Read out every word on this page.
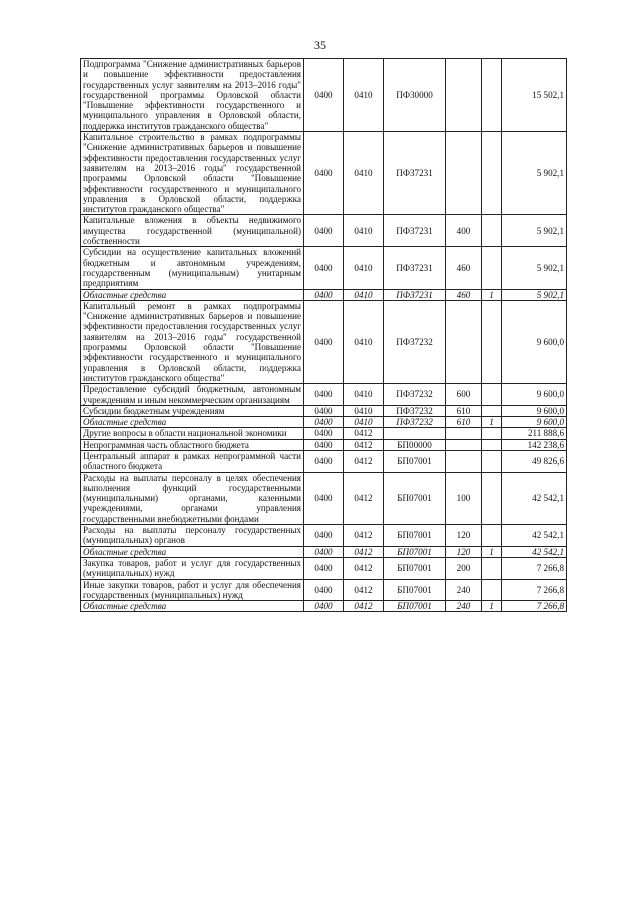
35
Подпрограмма "Снижение административных барьеров и повышение эффективности предоставления государственных услуг заявителям на 2013–2016 годы" государственной программы Орловской области "Повышение эффективности государственного и муниципального управления в Орловской области, поддержка институтов гражданского общества"	0400	0410	ПФ30000			15 502,1
Капитальное строительство в рамках подпрограммы "Снижение административных барьеров и повышение эффективности предоставления государственных услуг заявителям на 2013–2016 годы" государственной программы Орловской области "Повышение эффективности государственного и муниципального управления в Орловской области, поддержка институтов гражданского общества"	0400	0410	ПФ37231			5 902,1
Капитальные вложения в объекты недвижимого имущества государственной (муниципальной) собственности	0400	0410	ПФ37231	400		5 902,1
Субсидии на осуществление капитальных вложений бюджетным и автономным учреждениям, государственным (муниципальным) унитарным предприятиям	0400	0410	ПФ37231	460		5 902,1
Областные средства	0400	0410	ПФ37231	460	1	5 902,1
Капитальный ремонт в рамках подпрограммы "Снижение административных барьеров и повышение эффективности предоставления государственных услуг заявителям на 2013–2016 годы" государственной программы Орловской области "Повышение эффективности государственного и муниципального управления в Орловской области, поддержка институтов гражданского общества"	0400	0410	ПФ37232			9 600,0
Предоставление субсидий бюджетным, автономным учреждениям и иным некоммерческим организациям	0400	0410	ПФ37232	600		9 600,0
Субсидии бюджетным учреждениям	0400	0410	ПФ37232	610		9 600,0
Областные средства	0400	0410	ПФ37232	610	1	9 600,0
Другие вопросы в области национальной экономики	0400	0412				211 888,6
Непрограммная часть областного бюджета	0400	0412	БП00000			142 238,6
Центральный аппарат в рамках непрограммной части областного бюджета	0400	0412	БП07001			49 826,6
Расходы на выплаты персоналу в целях обеспечения выполнения функций государственными (муниципальными) органами, казенными учреждениями, органами управления государственными внебюджетными фондами	0400	0412	БП07001	100		42 542,1
Расходы на выплаты персоналу государственных (муниципальных) органов	0400	0412	БП07001	120		42 542,1
Областные средства	0400	0412	БП07001	120	1	42 542,1
Закупка товаров, работ и услуг для государственных (муниципальных) нужд	0400	0412	БП07001	200		7 266,8
Иные закупки товаров, работ и услуг для обеспечения государственных (муниципальных) нужд	0400	0412	БП07001	240		7 266,8
Областные средства	0400	0412	БП07001	240	1	7 266,8
